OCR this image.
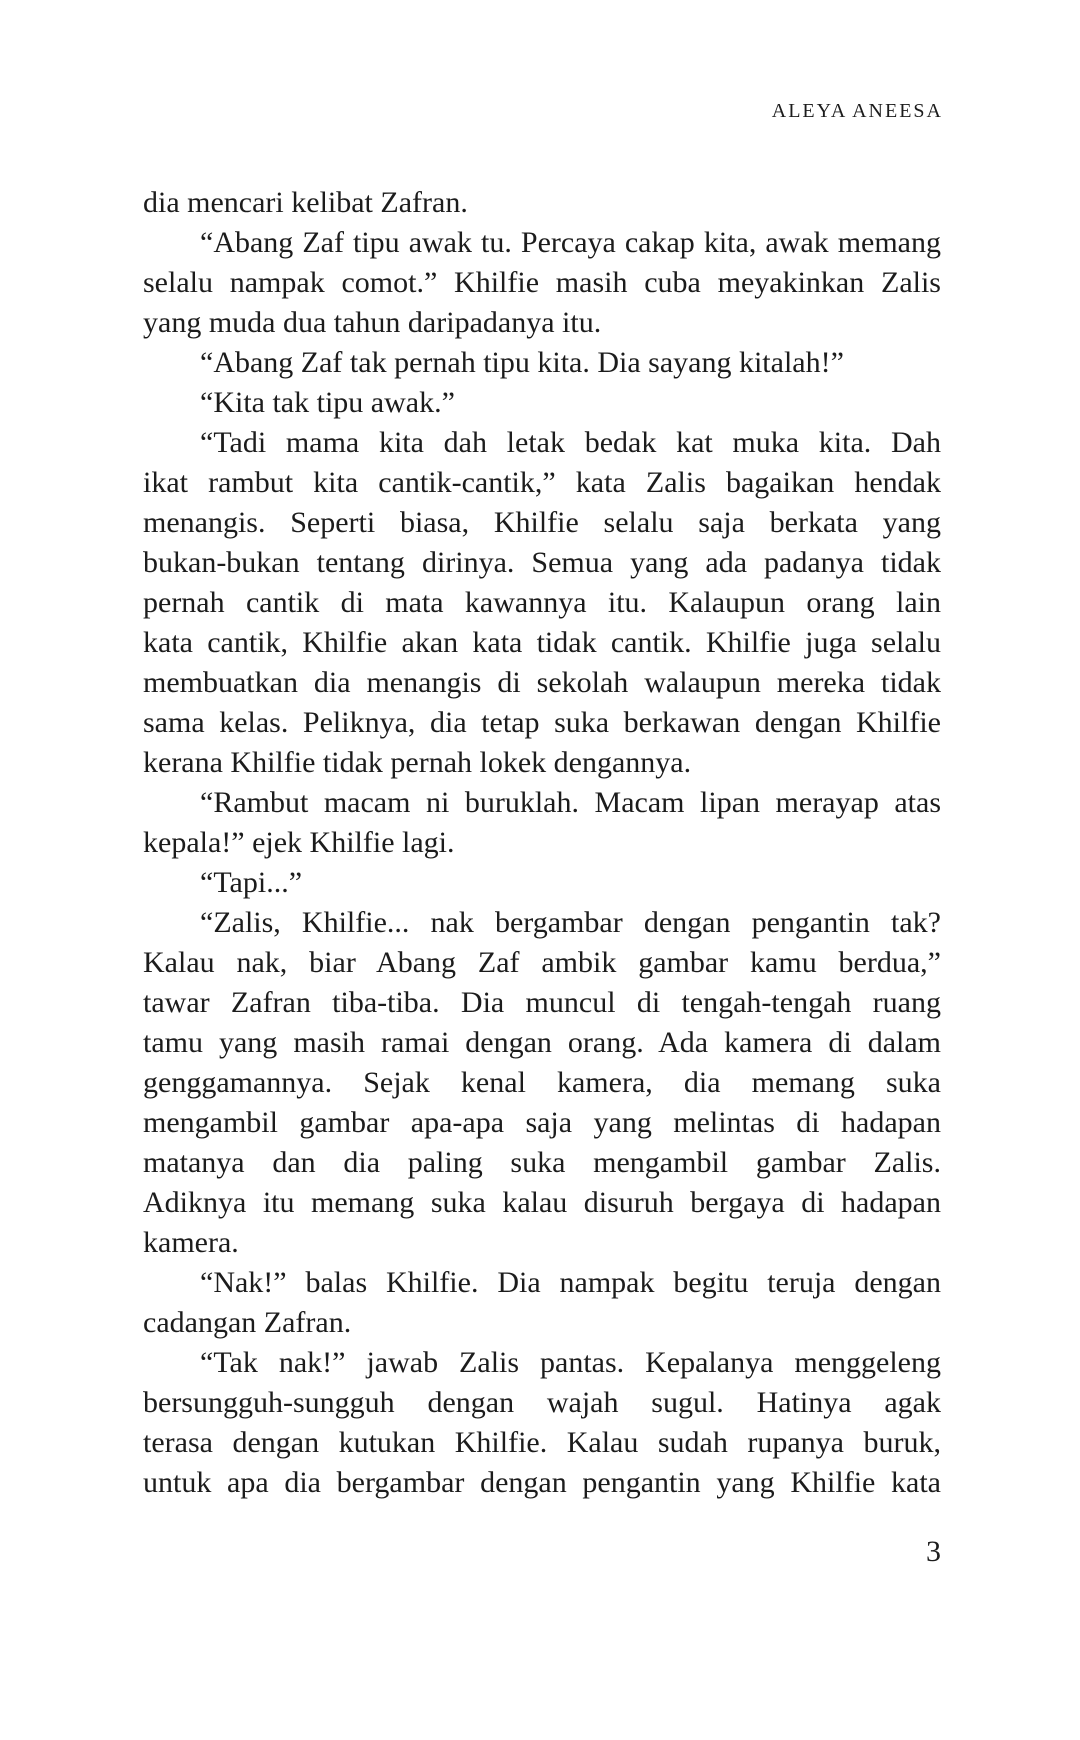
ALEYA ANEESA
dia mencari kelibat Zafran.
“Abang Zaf tipu awak tu. Percaya cakap kita, awak memang
selalu nampak comot.” Khilfie masih cuba meyakinkan Zalis
yang muda dua tahun daripadanya itu.
“Abang Zaf tak pernah tipu kita. Dia sayang kitalah!”
“Kita tak tipu awak.”
“Tadi mama kita dah letak bedak kat muka kita. Dah
ikat rambut kita cantik-cantik,” kata Zalis bagaikan hendak
menangis. Seperti biasa, Khilfie selalu saja berkata yang
bukan-bukan tentang dirinya. Semua yang ada padanya tidak
pernah cantik di mata kawannya itu. Kalaupun orang lain
kata cantik, Khilfie akan kata tidak cantik. Khilfie juga selalu
membuatkan dia menangis di sekolah walaupun mereka tidak
sama kelas. Peliknya, dia tetap suka berkawan dengan Khilfie
kerana Khilfie tidak pernah lokek dengannya.
“Rambut macam ni buruklah. Macam lipan merayap atas
kepala!” ejek Khilfie lagi.
“Tapi...”
“Zalis, Khilfie... nak bergambar dengan pengantin tak?
Kalau nak, biar Abang Zaf ambik gambar kamu berdua,”
tawar Zafran tiba-tiba. Dia muncul di tengah-tengah ruang
tamu yang masih ramai dengan orang. Ada kamera di dalam
genggamannya. Sejak kenal kamera, dia memang suka
mengambil gambar apa-apa saja yang melintas di hadapan
matanya dan dia paling suka mengambil gambar Zalis.
Adiknya itu memang suka kalau disuruh bergaya di hadapan
kamera.
“Nak!” balas Khilfie. Dia nampak begitu teruja dengan
cadangan Zafran.
“Tak nak!” jawab Zalis pantas. Kepalanya menggeleng
bersungguh-sungguh dengan wajah sugul. Hatinya agak
terasa dengan kutukan Khilfie. Kalau sudah rupanya buruk,
untuk apa dia bergambar dengan pengantin yang Khilfie kata
3
